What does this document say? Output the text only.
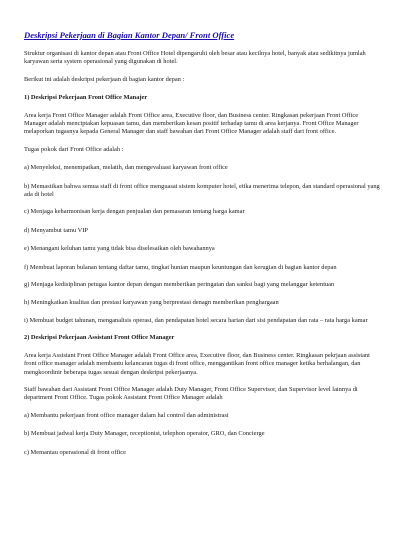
Deskripsi Pekerjaan di Bagian Kantor Depan/ Front Office

Struktur organisasi di kantor depan atau Front Office Hotel dipengaruhi oleh besar atau kecilnya hotel, banyak atau sedikitnya jumlah karyawan serta system operasional yang digunakan di hotel.

Berikut ini adalah deskripsi pekerjaan di bagian kantor depan :

1) Deskripsi Pekerjaan Front Office Manajer

Area kerja Front Office Manager adalah Front Office area, Executive floor, dan Business center. Ringkasan pekerjaan Front Office Manager adalah menciptakan kepuasan tamu, dan memberikan kesan positif terhadap tamu di area kerjanya. Front Office Manager melaporkan tugasnya kepada General Manager dan staff bawahan dari Front Office Manager adalah staff dari front office.

Tugas pokok dari Front Office adalah :

a) Menyeleksi, menempatkan, melatih, dan mengevaluasi karyawan front office

b) Memastikan bahwa semua staff di front office menguasai sistem komputer hotel, etika menerima telepon, dan standard operasional yang ada di hotel

c) Menjaga keharmonisan kerja dengan penjualan dan pemasaran tentang harga kamar

d) Menyambut tamu VIP

e) Menangani keluhan tamu yang tidak bisa diselesaikan oleh bawahannya

f) Membuat laporan bulanan tentang daftar tamu, tingkat hunian maupun keuntungan dan kerugian di bagian kantor depan

g) Menjaga kedisiplinan petugas kantor depan dengan memberikan peringatan dan sanksi bagi yang melanggar ketentuan

h) Meningkatkan kualitas dan prestasi karyawan yang berprestasi denagn memberikan penghargaan

i) Membuat budget tahunan, menganalisis operasi, dan pendapatan hotel secara harian dari sisi pendapatan dan rata – rata harga kamar

2) Deskripsi Pekerjaan Assistant Front Office Manager

Area kerja Assistant Front Office Manager adalah Front Office area, Executive floor, dan Business center. Ringkasan pekrjaan assistant front office manager adalah membantu kelancaran tugas di front office, menggantikan front office manager ketika berhalangan, dan mengkoordinir beberapa tugas sesuai dengan deskripsi pekerjaanya.

Staff bawahan dari Assistant Front Office Manager adalah Duty Manager, Front Office Supervisor, dan Supervisor level lainnya di department Front Office. Tugas pokok Assistant Front Office Manager adalah

a) Membantu pekerjaan front office manager dalam hal control dan administrasi

b) Membuat jadwal kerja Duty Manager, receptionist, telephon operator, GRO, dan Concierge

c) Memantau operasional di front office
